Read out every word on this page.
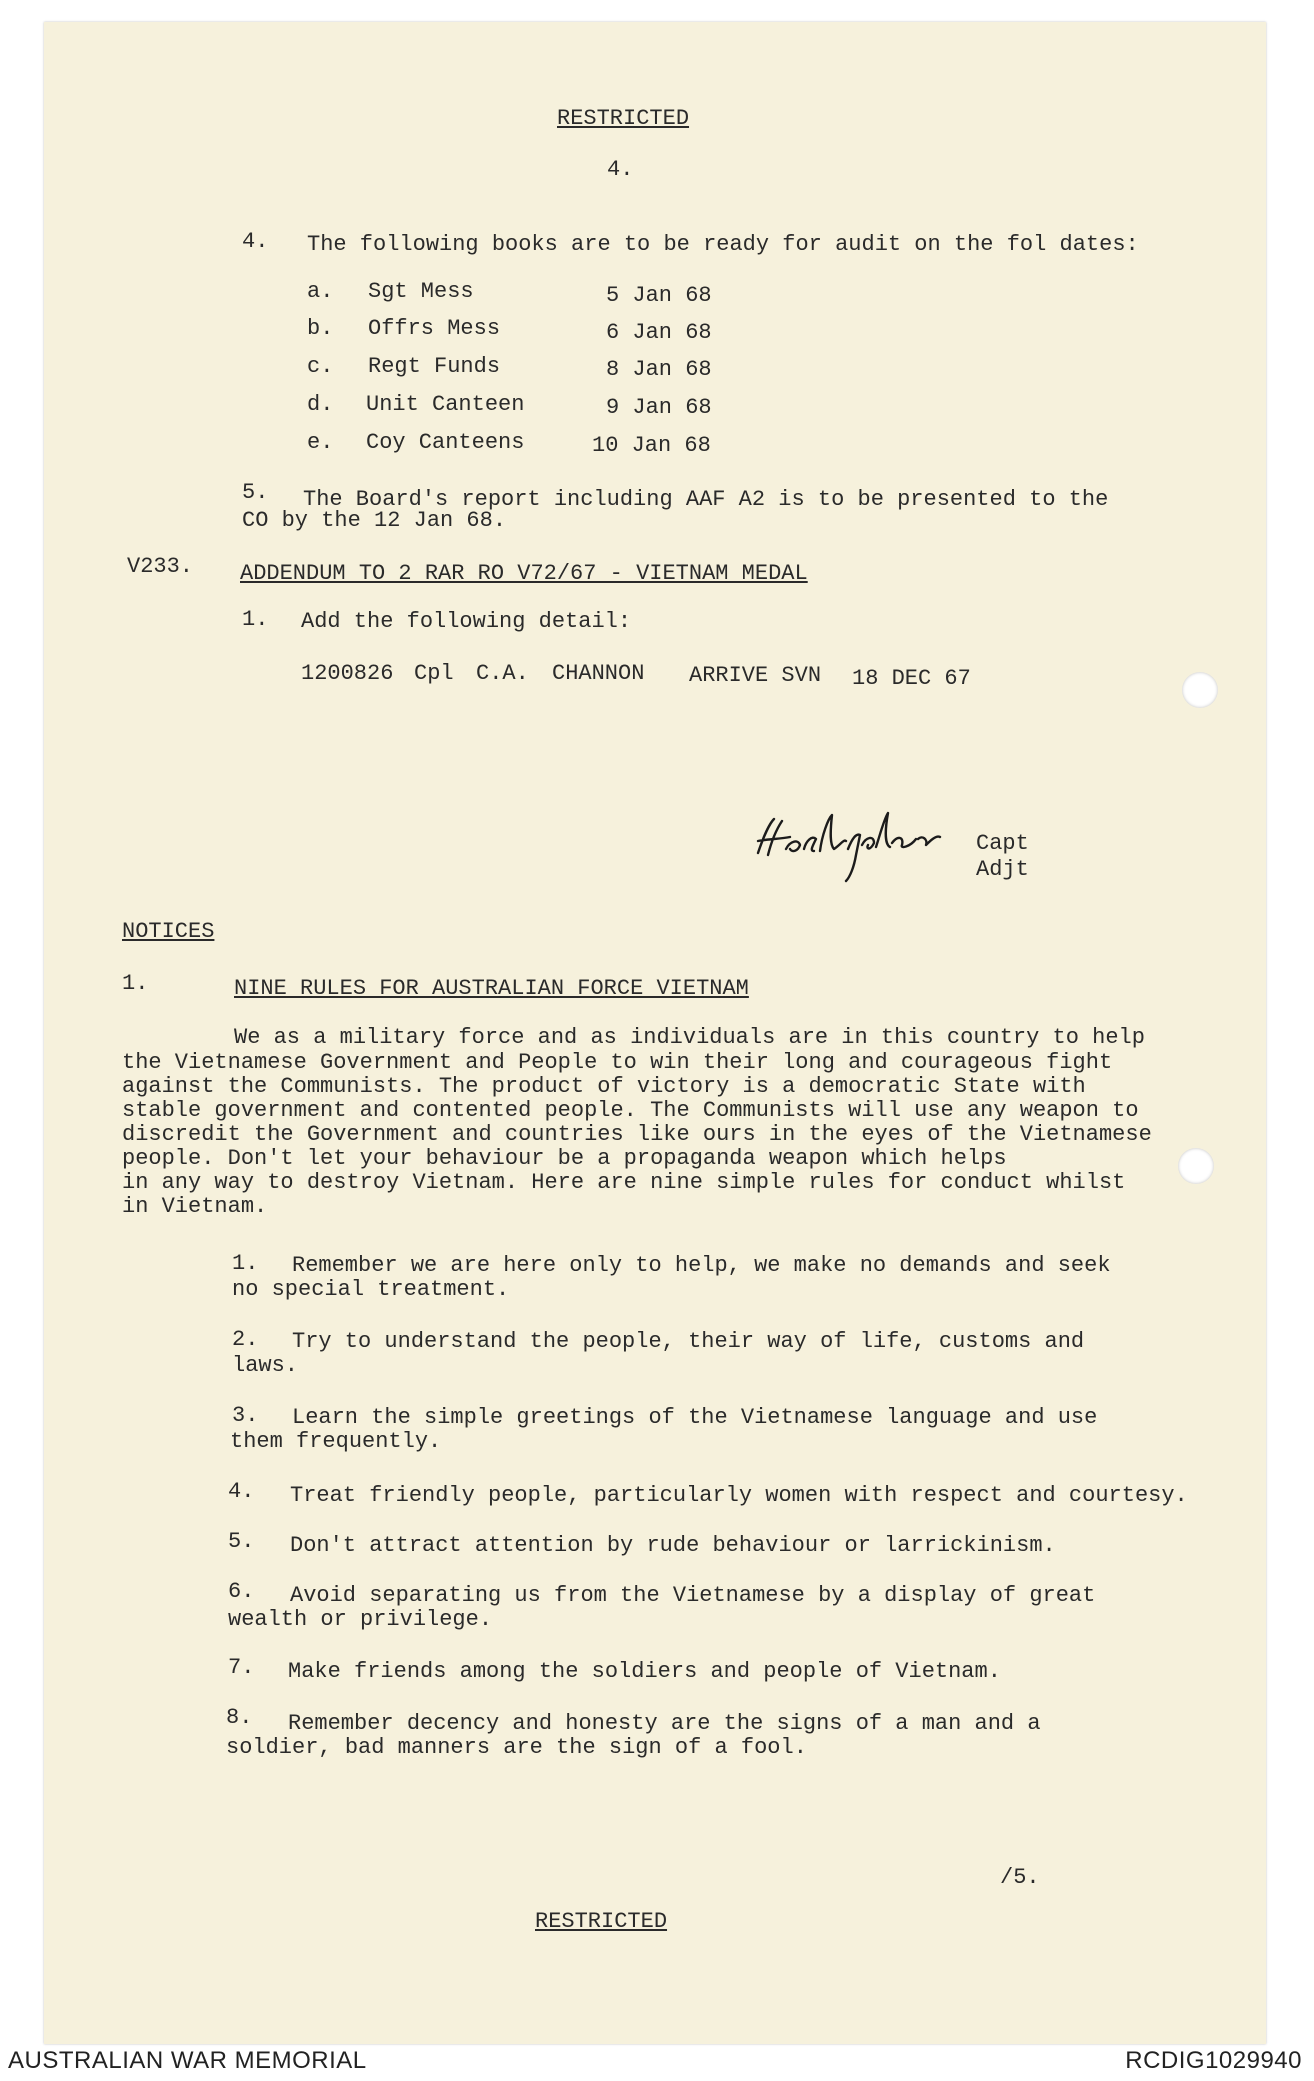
RESTRICTED
4.
4. The following books are to be ready for audit on the fol dates:
a. Sgt Mess	5 Jan 68
b. Offrs Mess	6 Jan 68
c. Regt Funds	8 Jan 68
d. Unit Canteen	9 Jan 68
e. Coy Canteens	10 Jan 68
5. The Board's report including AAF A2 is to be presented to the
CO by the 12 Jan 68.
V233. ADDENDUM TO 2 RAR RO V72/67 - VIETNAM MEDAL
1. Add the following detail:
1200826 Cpl C.A. CHANNON ARRIVE SVN 18 DEC 67
Capt
Adjt
NOTICES
1.	NINE RULES FOR AUSTRALIAN FORCE VIETNAM
We as a military force and as individuals are in this country to help
the Vietnamese Government and People to win their long and courageous fight
against the Communists. The product of victory is a democratic State with
stable government and contented people. The Communists will use any weapon to
discredit the Government and countries like ours in the eyes of the Vietnamese
people. Don't let your behaviour be a propaganda weapon which helps
in any way to destroy Vietnam. Here are nine simple rules for conduct whilst
in Vietnam.
1. Remember we are here only to help, we make no demands and seek
no special treatment.
2. Try to understand the people, their way of life, customs and
laws.
3. Learn the simple greetings of the Vietnamese language and use
them frequently.
4. Treat friendly people, particularly women with respect and courtesy.
5. Don't attract attention by rude behaviour or larrickinism.
6. Avoid separating us from the Vietnamese by a display of great
wealth or privilege.
7. Make friends among the soldiers and people of Vietnam.
8. Remember decency and honesty are the signs of a man and a
soldier, bad manners are the sign of a fool.
/5.
RESTRICTED
AUSTRALIAN WAR MEMORIAL	RCDIG1029940
